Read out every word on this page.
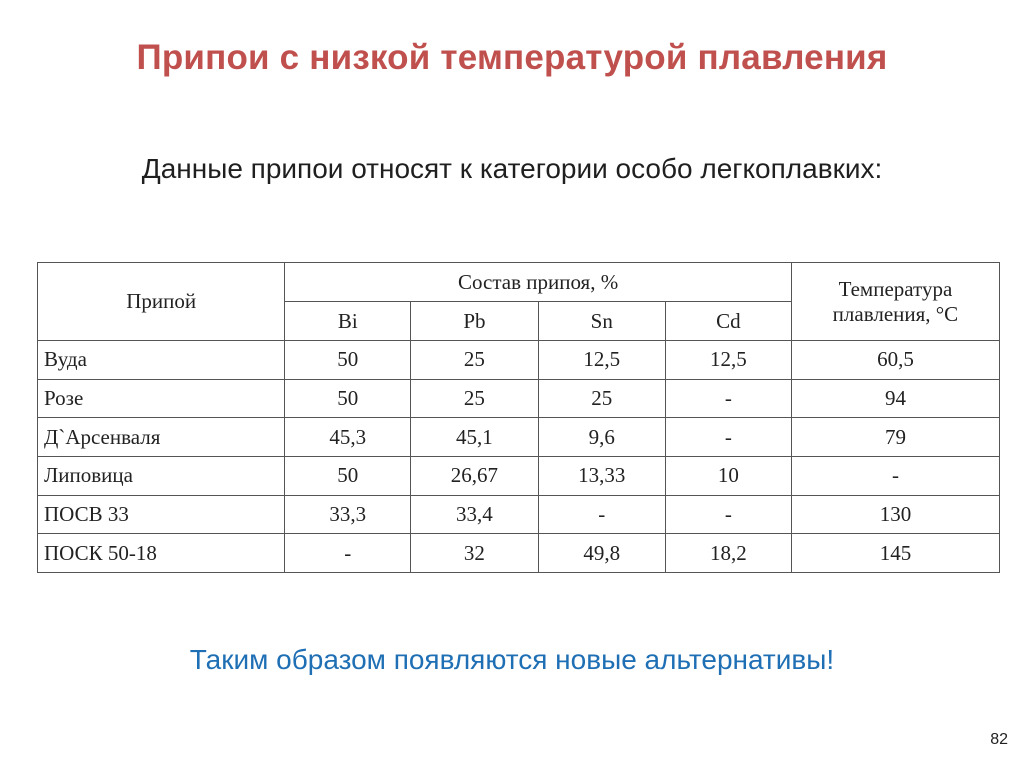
Припои с низкой температурой плавления
Данные припои относят к категории особо легкоплавких:
Припой	Состав припоя, %				Температура плавления, °C
	Bi	Pb	Sn	Cd	
Вуда	50	25	12,5	12,5	60,5
Розе	50	25	25	-	94
Д`Арсенваля	45,3	45,1	9,6	-	79
Липовица	50	26,67	13,33	10	-
ПОСВ 33	33,3	33,4	-	-	130
ПОСК 50-18	-	32	49,8	18,2	145
Таким образом появляются новые альтернативы!
82
